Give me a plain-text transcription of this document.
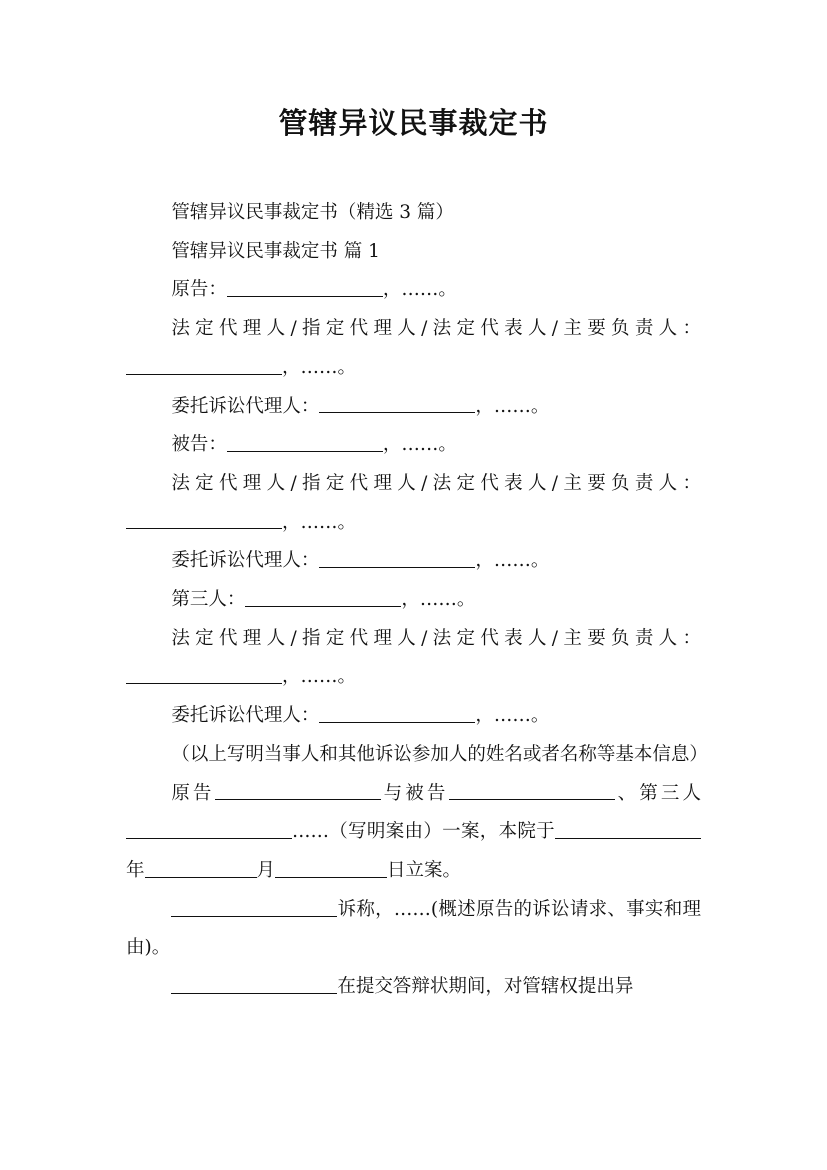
管辖异议民事裁定书

管辖异议民事裁定书（精选 3 篇）

管辖异议民事裁定书 篇 1

原告：	，……。

法定代理人/指定代理人/法定代表人/主要负责人：，……。

委托诉讼代理人：	，……。

被告：	，……。

法定代理人/指定代理人/法定代表人/主要负责人：，……。

委托诉讼代理人：	，……。

第三人：	，……。

法定代理人/指定代理人/法定代表人/主要负责人：，……。

委托诉讼代理人：	，……。

（以上写明当事人和其他诉讼参加人的姓名或者名称等基本信息）

原告	与被告	、第三人……（写明案由）一案，本院于年	月	日立案。

诉称，……(概述原告的诉讼请求、事实和理由)。

在提交答辩状期间，对管辖权提出异
